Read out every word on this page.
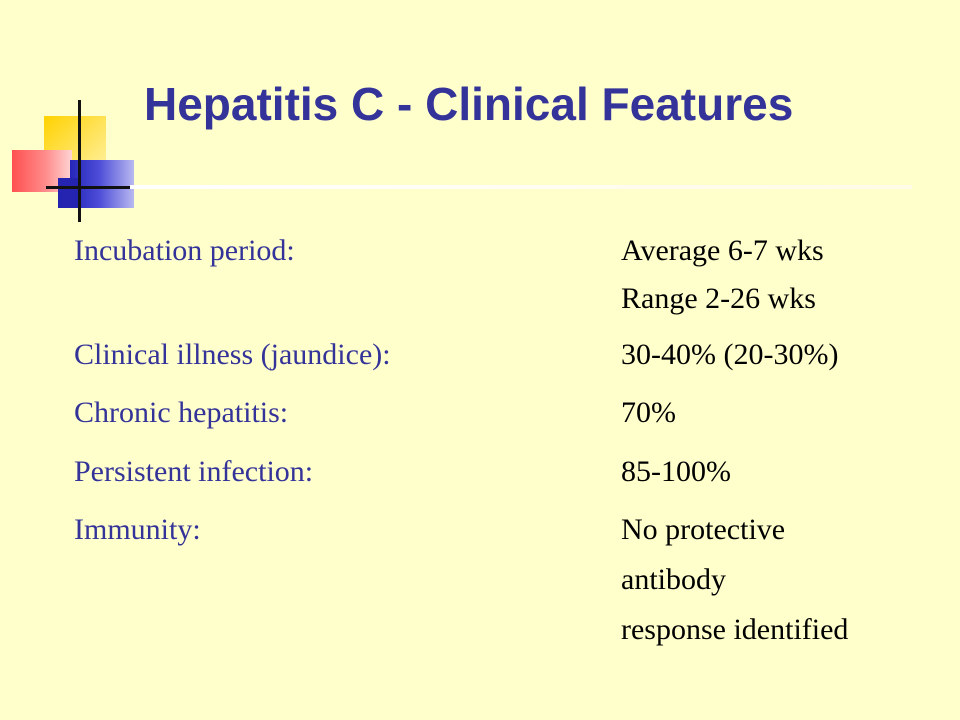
Hepatitis C - Clinical Features
Incubation period:	Average 6-7 wks
Range 2-26 wks
Clinical illness (jaundice):	30-40% (20-30%)
Chronic hepatitis:	70%
Persistent infection:	85-100%
Immunity:	No protective
antibody
response identified
